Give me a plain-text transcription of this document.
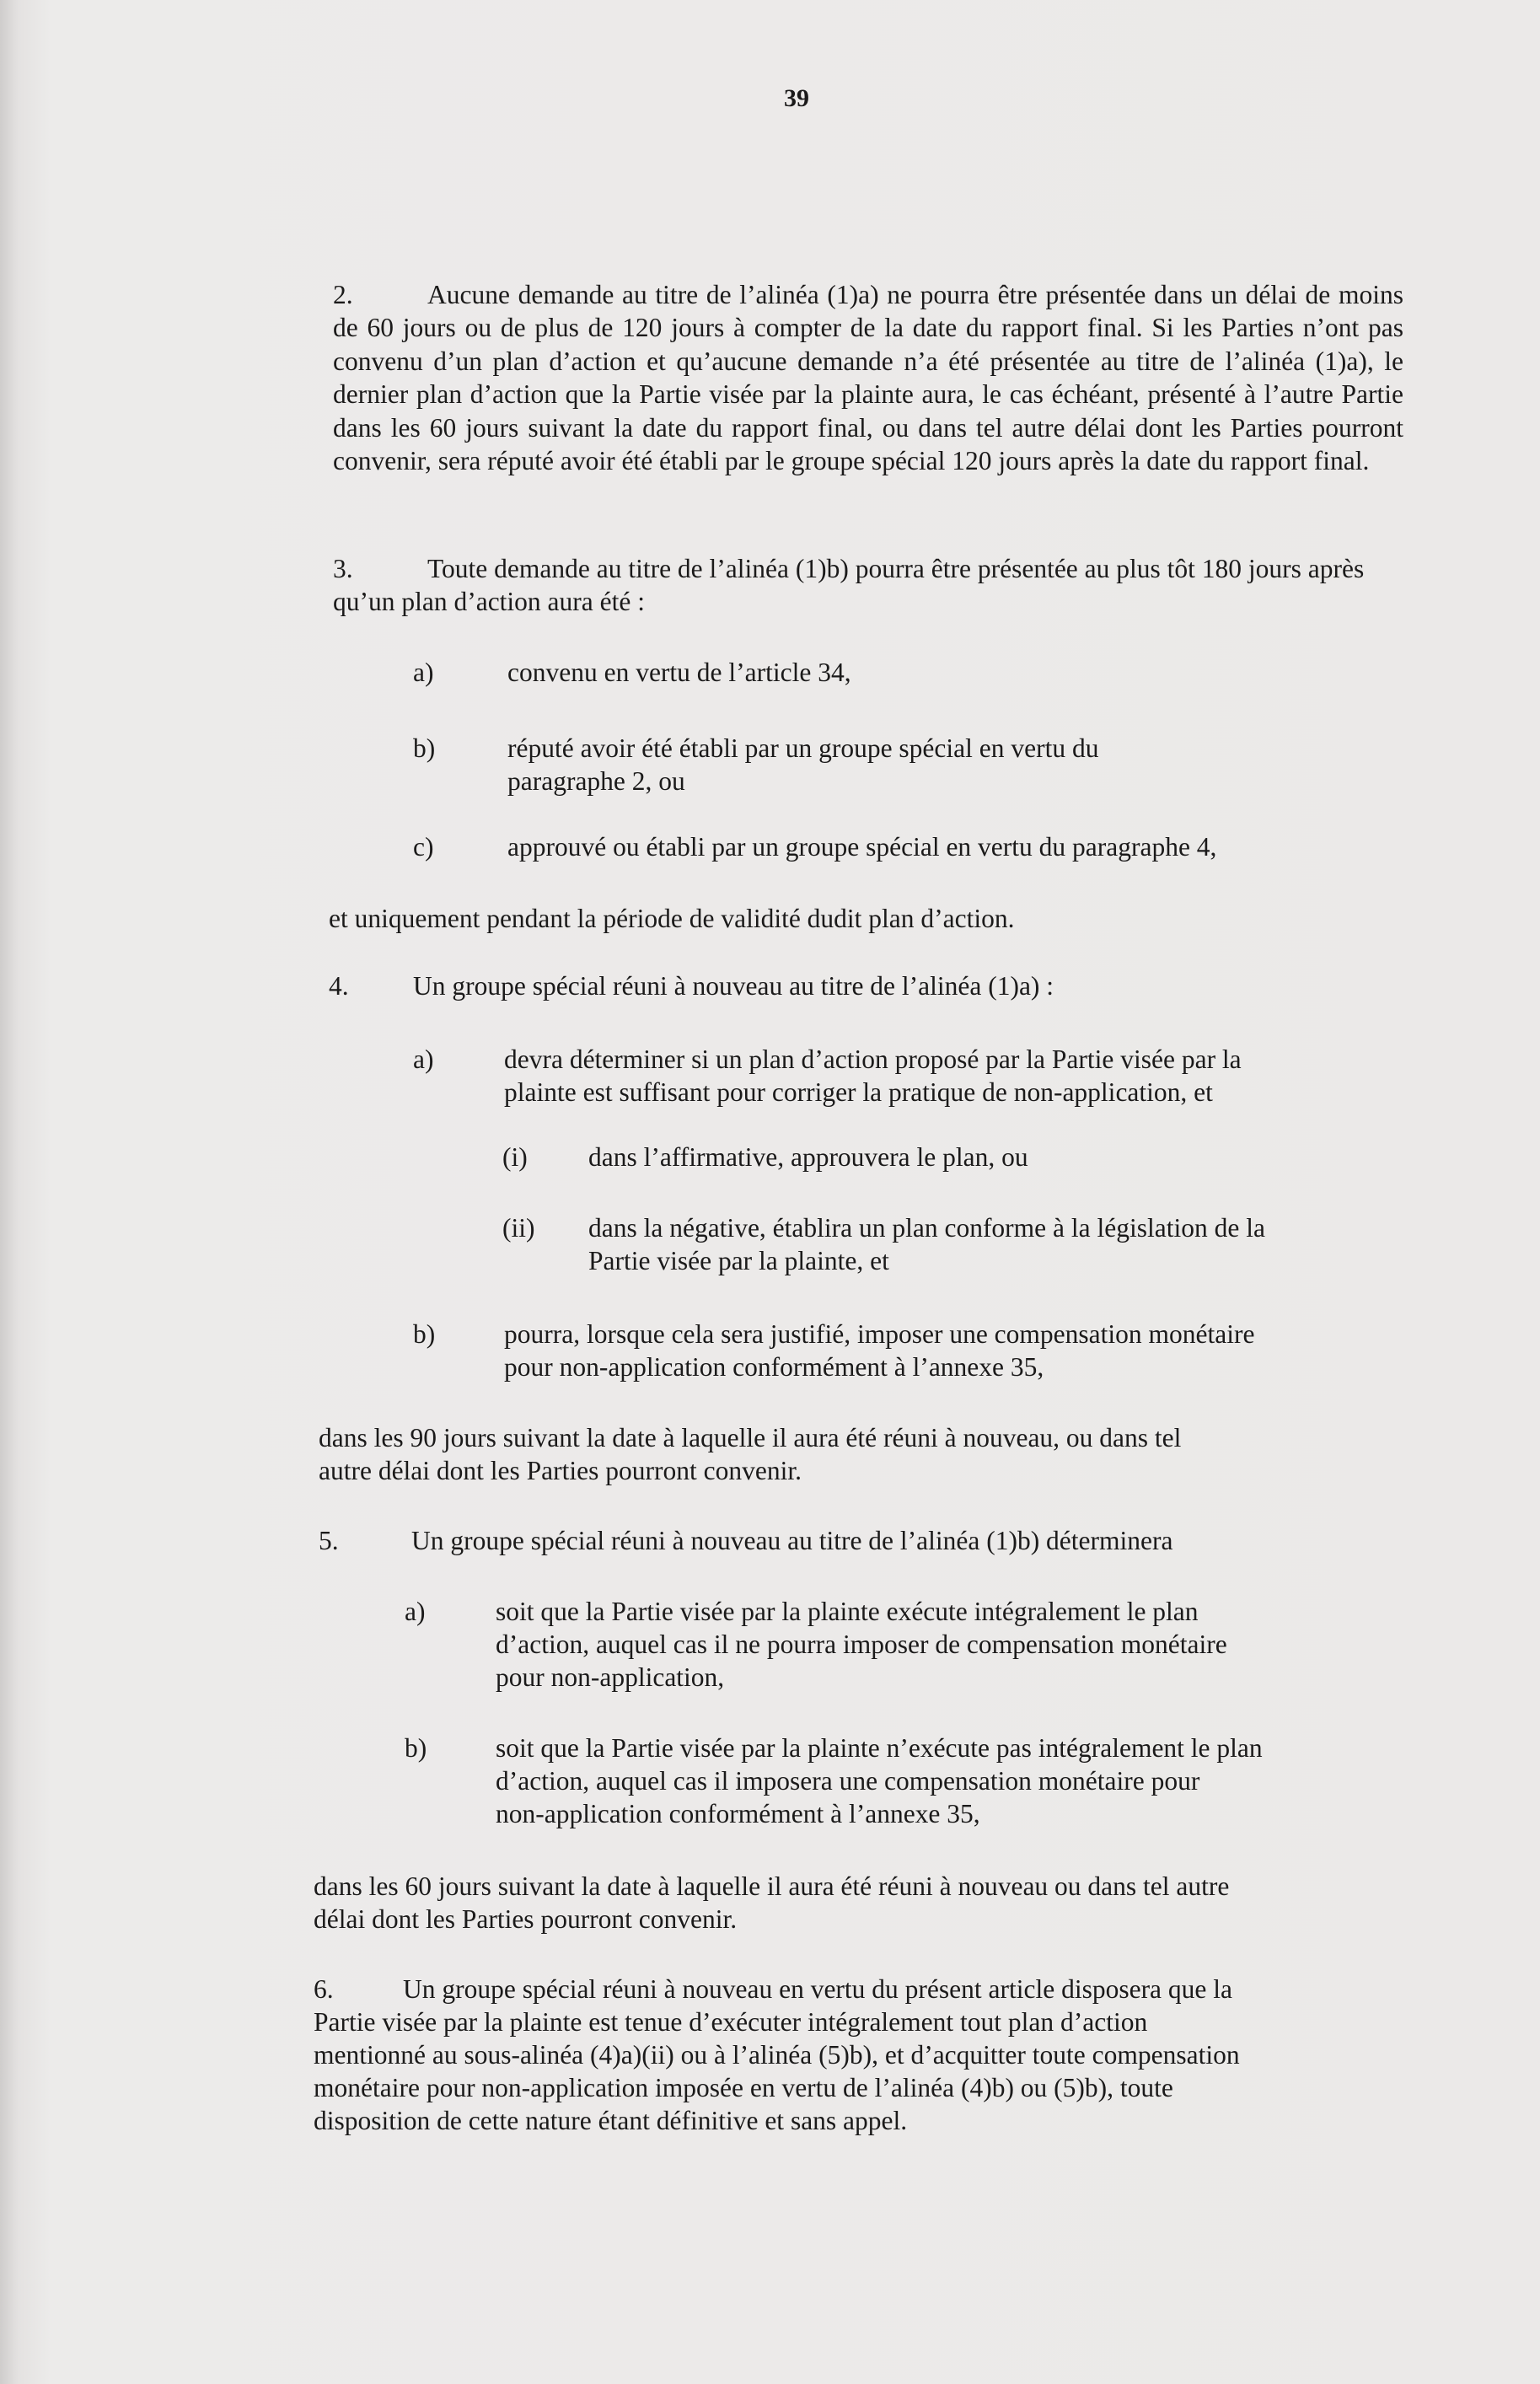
39
2.	Aucune demande au titre de l’alinéa (1)a) ne pourra être présentée dans un délai de moins de 60 jours ou de plus de 120 jours à compter de la date du rapport final. Si les Parties n’ont pas convenu d’un plan d’action et qu’aucune demande n’a été présentée au titre de l’alinéa (1)a), le dernier plan d’action que la Partie visée par la plainte aura, le cas échéant, présenté à l’autre Partie dans les 60 jours suivant la date du rapport final, ou dans tel autre délai dont les Parties pourront convenir, sera réputé avoir été établi par le groupe spécial 120 jours après la date du rapport final.
3.	Toute demande au titre de l’alinéa (1)b) pourra être présentée au plus tôt 180 jours après qu’un plan d’action aura été :
a)	convenu en vertu de l’article 34,
b)	réputé avoir été établi par un groupe spécial en vertu du
paragraphe 2, ou
c)	approuvé ou établi par un groupe spécial en vertu du paragraphe 4,
et uniquement pendant la période de validité dudit plan d’action.
4. Un groupe spécial réuni à nouveau au titre de l’alinéa (1)a) :
a)	devra déterminer si un plan d’action proposé par la Partie visée par la
plainte est suffisant pour corriger la pratique de non-application, et
(i) dans l’affirmative, approuvera le plan, ou
(ii) dans la négative, établira un plan conforme à la législation de la
Partie visée par la plainte, et
b)	pourra, lorsque cela sera justifié, imposer une compensation monétaire
pour non-application conformément à l’annexe 35,
dans les 90 jours suivant la date à laquelle il aura été réuni à nouveau, ou dans tel
autre délai dont les Parties pourront convenir.
5.	Un groupe spécial réuni à nouveau au titre de l’alinéa (1)b) déterminera
a)	soit que la Partie visée par la plainte exécute intégralement le plan
d’action, auquel cas il ne pourra imposer de compensation monétaire
pour non-application,
b)	soit que la Partie visée par la plainte n’exécute pas intégralement le plan
d’action, auquel cas il imposera une compensation monétaire pour
non-application conformément à l’annexe 35,
dans les 60 jours suivant la date à laquelle il aura été réuni à nouveau ou dans tel autre
délai dont les Parties pourront convenir.
6.	Un groupe spécial réuni à nouveau en vertu du présent article disposera que la
Partie visée par la plainte est tenue d’exécuter intégralement tout plan d’action
mentionné au sous-alinéa (4)a)(ii) ou à l’alinéa (5)b), et d’acquitter toute compensation
monétaire pour non-application imposée en vertu de l’alinéa (4)b) ou (5)b), toute
disposition de cette nature étant définitive et sans appel.
